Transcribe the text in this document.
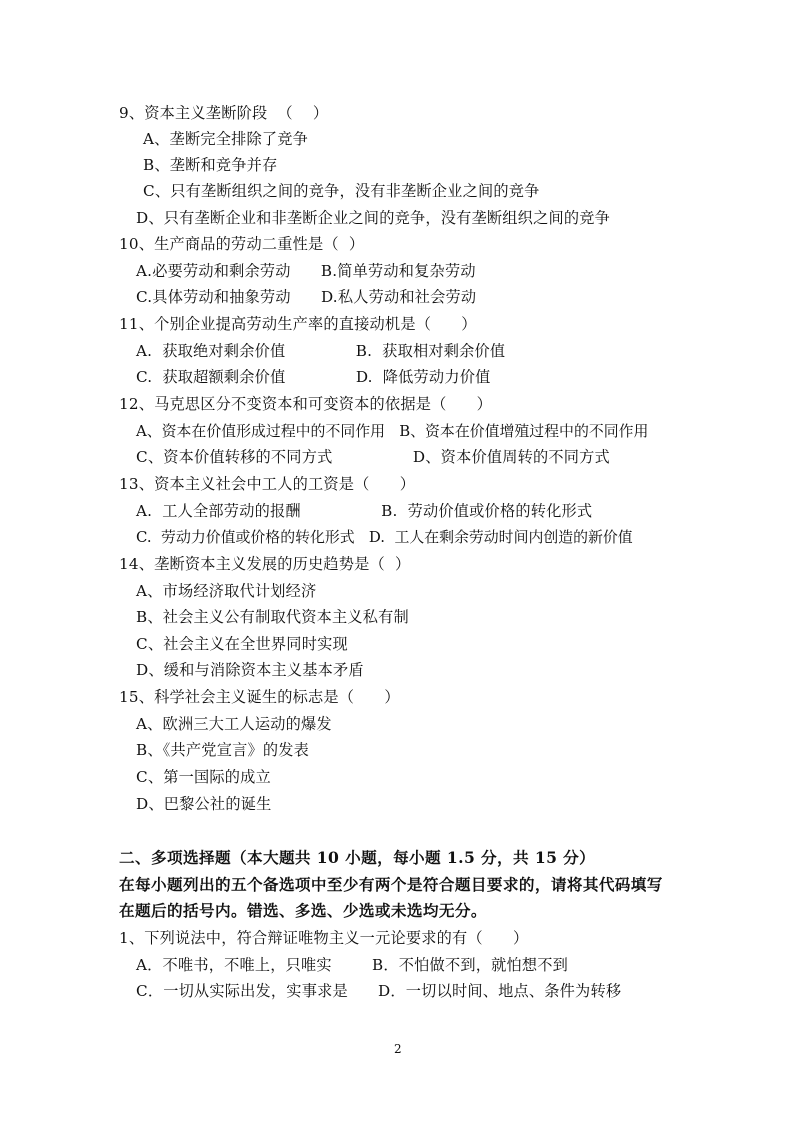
9、资本主义垄断阶段  （    ）
A、垄断完全排除了竞争
B、垄断和竞争并存
C、只有垄断组织之间的竞争，没有非垄断企业之间的竞争
D、只有垄断企业和非垄断企业之间的竞争，没有垄断组织之间的竞争
10、生产商品的劳动二重性是（  ）
A.必要劳动和剩余劳动      B.简单劳动和复杂劳动
C.具体劳动和抽象劳动      D.私人劳动和社会劳动
11、个别企业提高劳动生产率的直接动机是（      ）
A.  获取绝对剩余价值              B.  获取相对剩余价值
C.  获取超额剩余价值              D.  降低劳动力价值
12、马克思区分不变资本和可变资本的依据是（      ）
A、资本在价值形成过程中的不同作用   B、资本在价值增殖过程中的不同作用
C、资本价值转移的不同方式                D、资本价值周转的不同方式
13、资本主义社会中工人的工资是（      ）
A.  工人全部劳动的报酬                B.  劳动价值或价格的转化形式
C.  劳动力价值或价格的转化形式   D.  工人在剩余劳动时间内创造的新价值
14、垄断资本主义发展的历史趋势是（  ）
A、市场经济取代计划经济
B、社会主义公有制取代资本主义私有制
C、社会主义在全世界同时实现
D、缓和与消除资本主义基本矛盾
15、科学社会主义诞生的标志是（      ）
A、欧洲三大工人运动的爆发
B、《共产党宣言》的发表
C、第一国际的成立
D、巴黎公社的诞生
二、多项选择题（本大题共 10 小题，每小题 1.5 分，共 15 分）
在每小题列出的五个备选项中至少有两个是符合题目要求的，请将其代码填写
在题后的括号内。错选、多选、少选或未选均无分。
1、下列说法中，符合辩证唯物主义一元论要求的有（      ）
A．不唯书，不唯上，只唯实        B．不怕做不到，就怕想不到
C．一切从实际出发，实事求是      D．一切以时间、地点、条件为转移
2
